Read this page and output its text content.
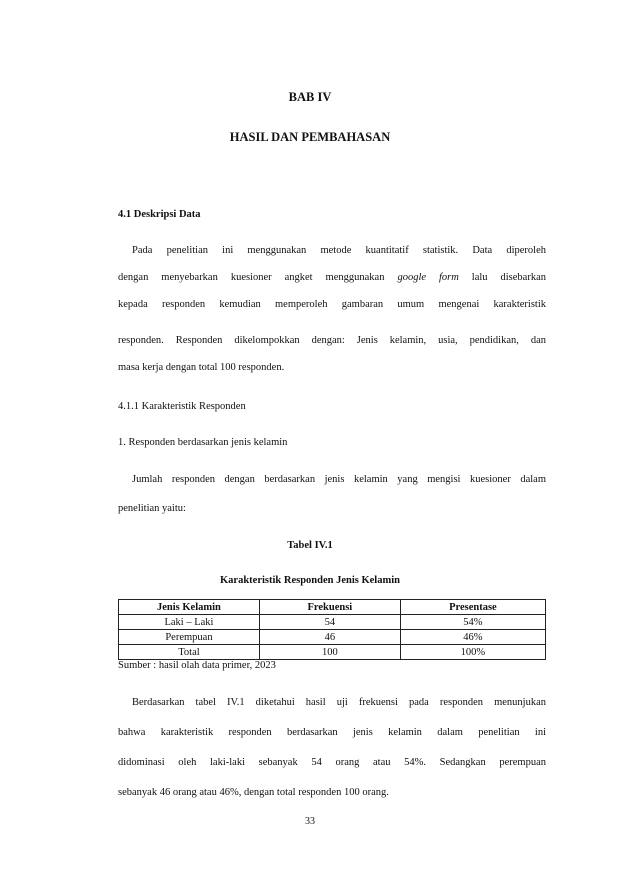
BAB IV
HASIL DAN PEMBAHASAN
4.1 Deskripsi Data
Pada penelitian ini menggunakan metode kuantitatif statistik. Data diperoleh
dengan menyebarkan kuesioner angket menggunakan google form lalu disebarkan
kepada responden kemudian memperoleh gambaran umum mengenai karakteristik
responden. Responden dikelompokkan dengan: Jenis kelamin, usia, pendidikan, dan
masa kerja dengan total 100 responden.
4.1.1 Karakteristik Responden
1. Responden berdasarkan jenis kelamin
Jumlah responden dengan berdasarkan jenis kelamin yang mengisi kuesioner dalam
penelitian yaitu:
Tabel IV.1
Karakteristik Responden Jenis Kelamin
Jenis Kelamin	Frekuensi	Presentase
Laki – Laki	54	54%
Perempuan	46	46%
Total	100	100%
Sumber : hasil olah data primer, 2023
Berdasarkan tabel IV.1 diketahui hasil uji frekuensi pada responden menunjukan
bahwa karakteristik responden berdasarkan jenis kelamin dalam penelitian ini
didominasi oleh laki-laki sebanyak 54 orang atau 54%. Sedangkan perempuan
sebanyak 46 orang atau 46%, dengan total responden 100 orang.
33
